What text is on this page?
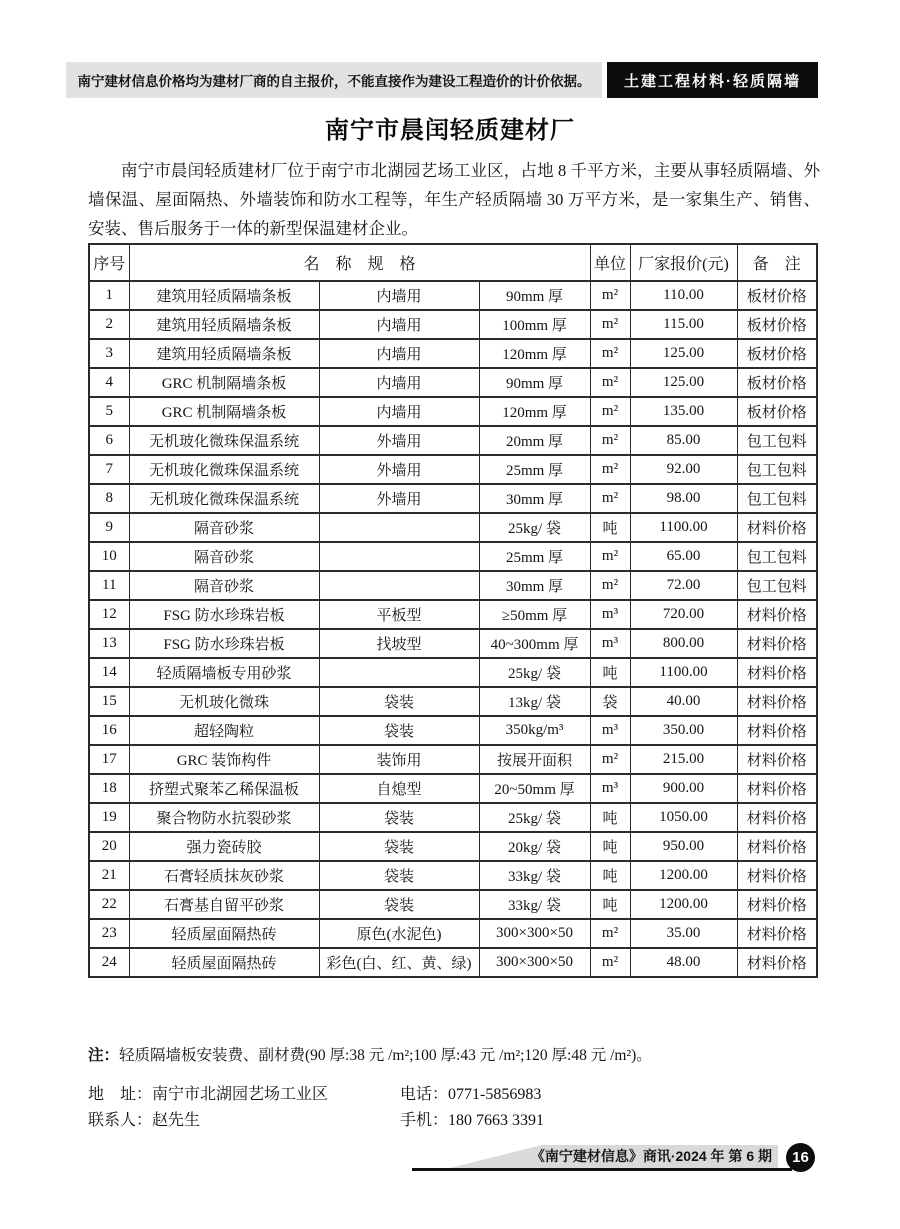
南宁建材信息价格均为建材厂商的自主报价，不能直接作为建设工程造价的计价依据。 土建工程材料·轻质隔墙
南宁市晨闰轻质建材厂

南宁市晨闰轻质建材厂位于南宁市北湖园艺场工业区，占地 8 千平方米，主要从事轻质隔墙、外墙保温、屋面隔热、外墙装饰和防水工程等，年生产轻质隔墙 30 万平方米，是一家集生产、销售、安装、售后服务于一体的新型保温建材企业。

序号	名　称　规　格			单位	厂家报价(元)	备　注
1	建筑用轻质隔墙条板	内墙用	90mm 厚	m²	110.00	板材价格
2	建筑用轻质隔墙条板	内墙用	100mm 厚	m²	115.00	板材价格
3	建筑用轻质隔墙条板	内墙用	120mm 厚	m²	125.00	板材价格
4	GRC 机制隔墙条板	内墙用	90mm 厚	m²	125.00	板材价格
5	GRC 机制隔墙条板	内墙用	120mm 厚	m²	135.00	板材价格
6	无机玻化微珠保温系统	外墙用	20mm 厚	m²	85.00	包工包料
7	无机玻化微珠保温系统	外墙用	25mm 厚	m²	92.00	包工包料
8	无机玻化微珠保温系统	外墙用	30mm 厚	m²	98.00	包工包料
9	隔音砂浆		25kg/ 袋	吨	1100.00	材料价格
10	隔音砂浆		25mm 厚	m²	65.00	包工包料
11	隔音砂浆		30mm 厚	m²	72.00	包工包料
12	FSG 防水珍珠岩板	平板型	≥50mm 厚	m³	720.00	材料价格
13	FSG 防水珍珠岩板	找坡型	40~300mm 厚	m³	800.00	材料价格
14	轻质隔墙板专用砂浆		25kg/ 袋	吨	1100.00	材料价格
15	无机玻化微珠	袋装	13kg/ 袋	袋	40.00	材料价格
16	超轻陶粒	袋装	350kg/m³	m³	350.00	材料价格
17	GRC 装饰构件	装饰用	按展开面积	m²	215.00	材料价格
18	挤塑式聚苯乙稀保温板	自熄型	20~50mm 厚	m³	900.00	材料价格
19	聚合物防水抗裂砂浆	袋装	25kg/ 袋	吨	1050.00	材料价格
20	强力瓷砖胶	袋装	20kg/ 袋	吨	950.00	材料价格
21	石膏轻质抹灰砂浆	袋装	33kg/ 袋	吨	1200.00	材料价格
22	石膏基自留平砂浆	袋装	33kg/ 袋	吨	1200.00	材料价格
23	轻质屋面隔热砖	原色(水泥色)	300×300×50	m²	35.00	材料价格
24	轻质屋面隔热砖	彩色(白、红、黄、绿)	300×300×50	m²	48.00	材料价格
注：轻质隔墙板安装费、副材费(90 厚:38 元 /m²;100 厚:43 元 /m²;120 厚:48 元 /m²)。
地　址：南宁市北湖园艺场工业区	电话：0771-5856983
联系人：赵先生	手机：180 7663 3391
《南宁建材信息》商讯·2024 年 第 6 期 16
